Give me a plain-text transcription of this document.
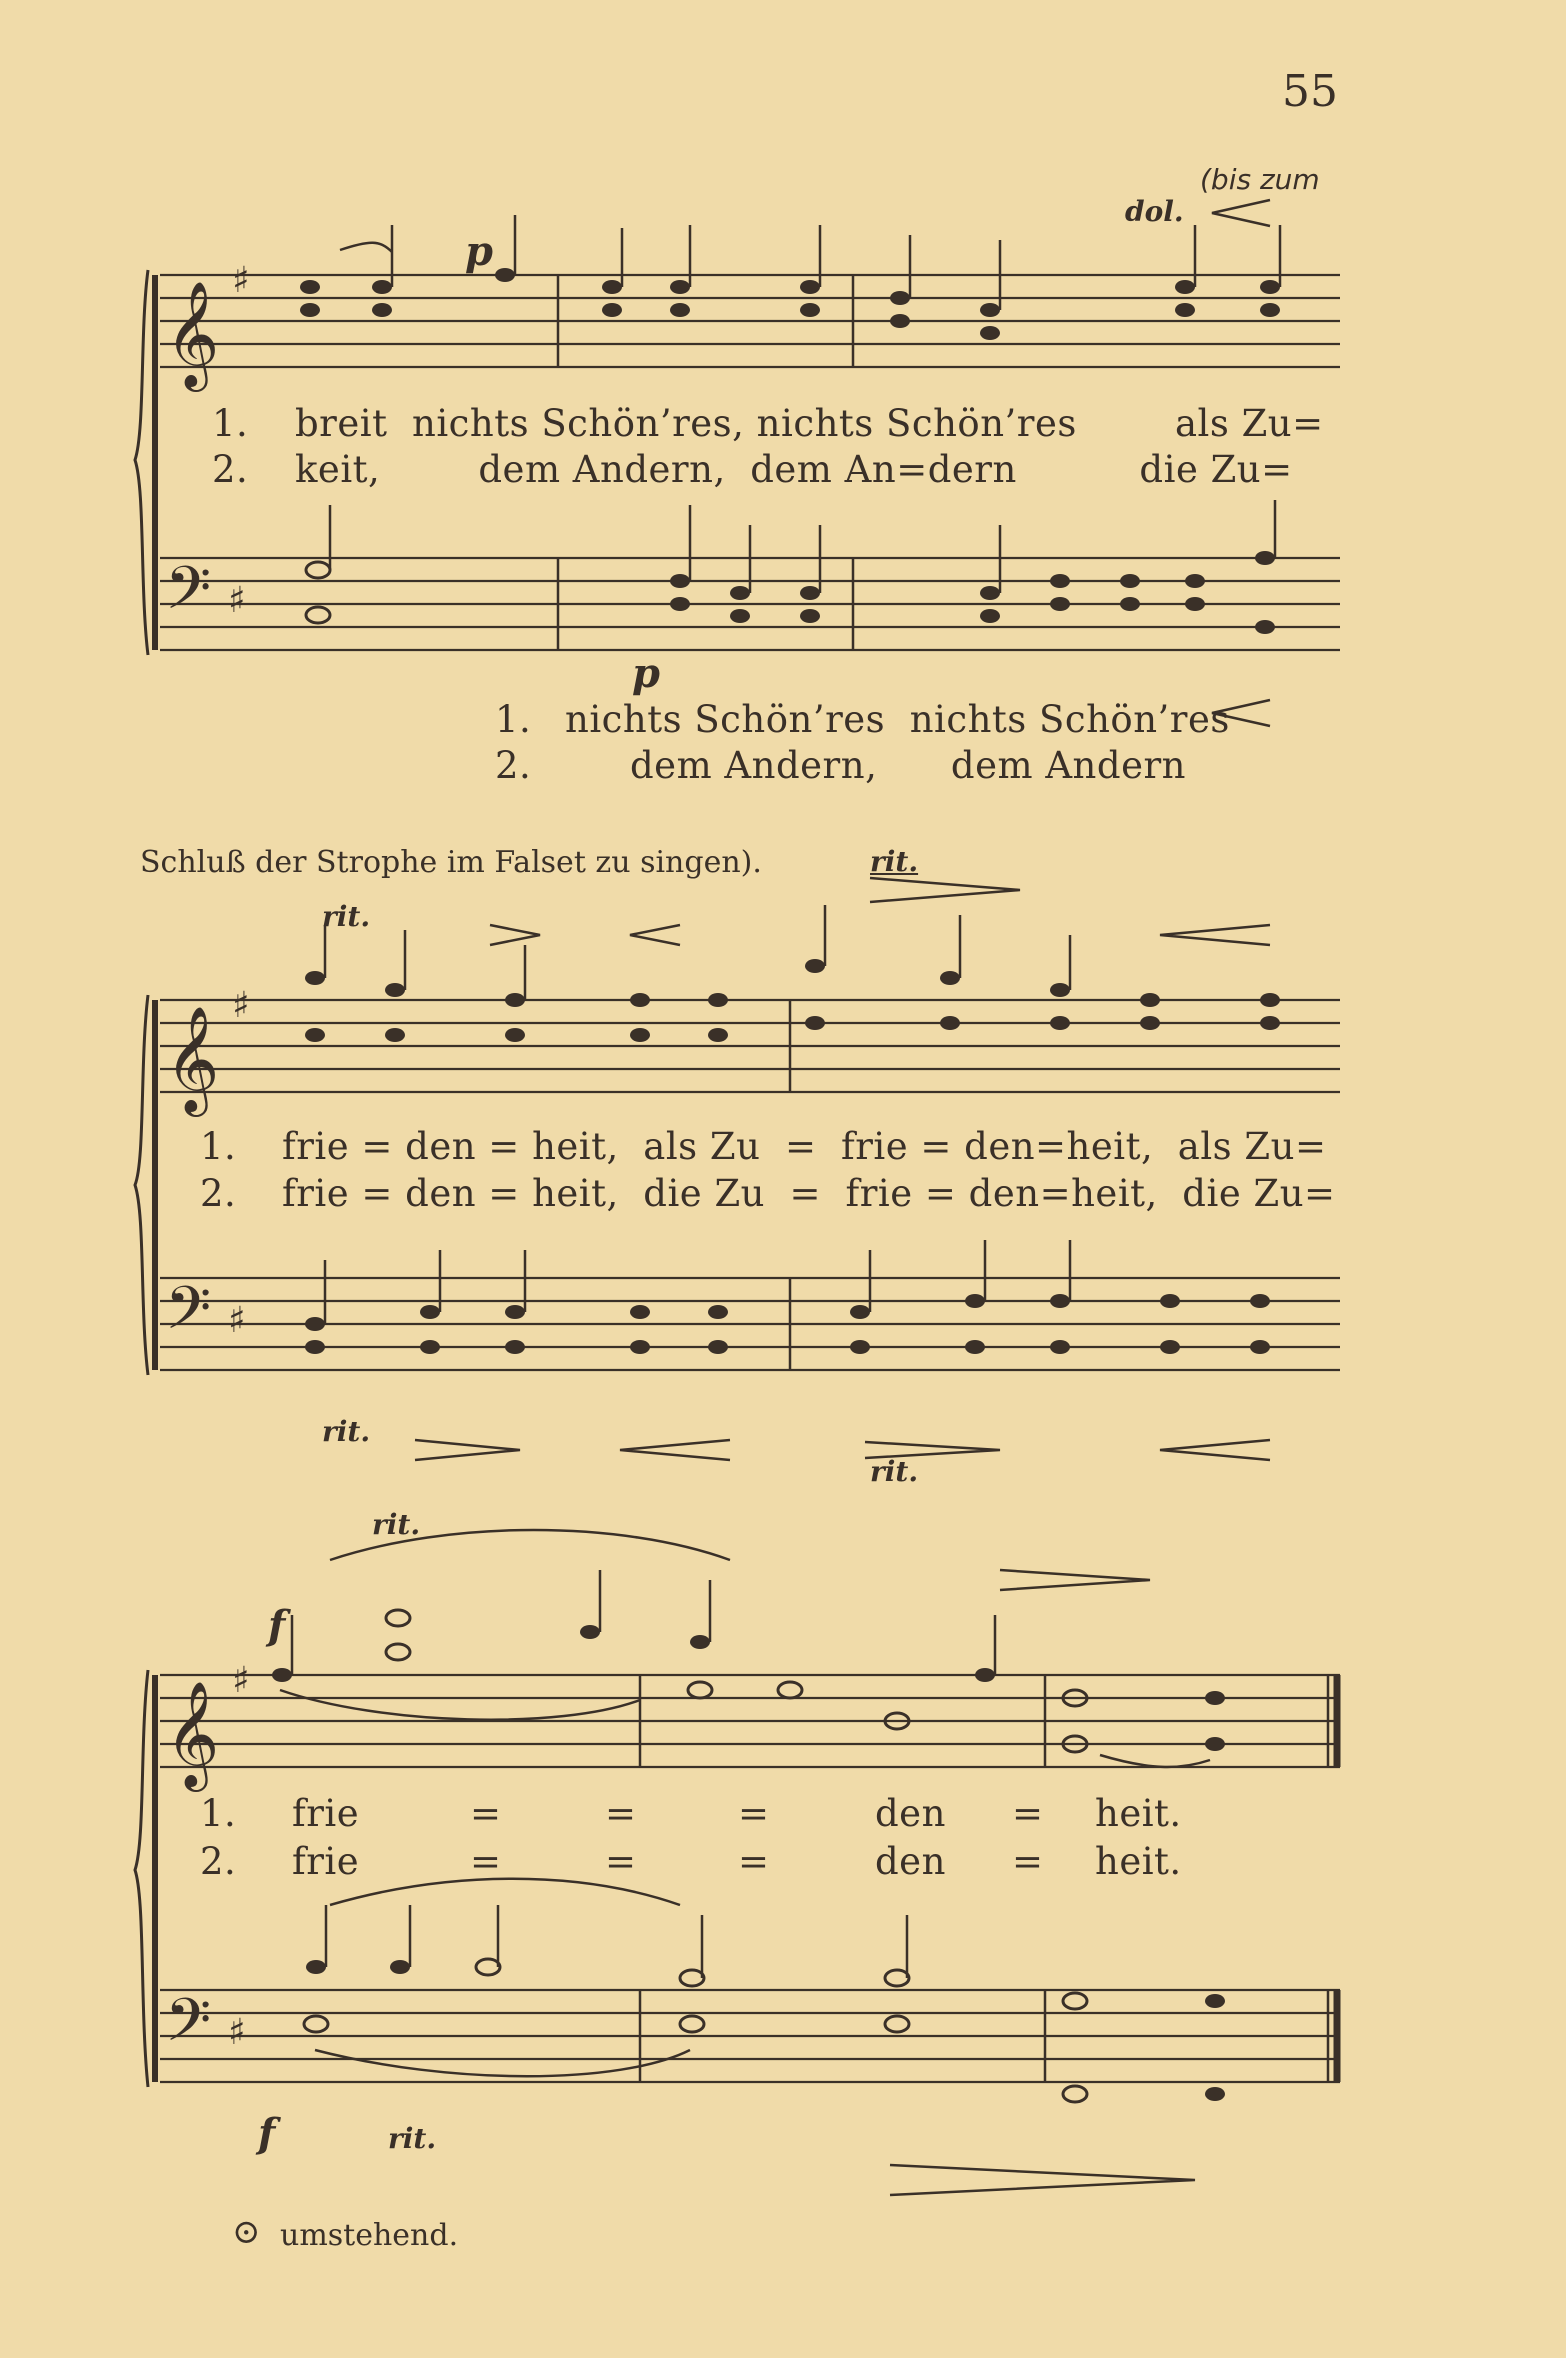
55
(bis zum
dol.
p
1. breit  nichts Schön’res, nichts Schön’res        als Zu=
2. keit,        dem Andern,  dem An=dern          die Zu=
p
1. nichts Schön’res  nichts Schön’res
2.	dem Andern,      dem Andern
Schluß der Strophe im Falset zu singen).	rit.
rit.
1. frie = den = heit,  als Zu  =  frie = den=heit,  als Zu=
2. frie = den = heit,  die Zu  =  frie = den=heit,  die Zu=
rit.
rit.
rit.
f
1. frie	=	=	=	den = heit.
2. frie	=	=	=	den = heit.
f	rit.
⊙ umstehend.
𝄞
𝄞
𝄞
𝄢
𝄢
𝄢
♯
♯
♯
♯
♯
♯
